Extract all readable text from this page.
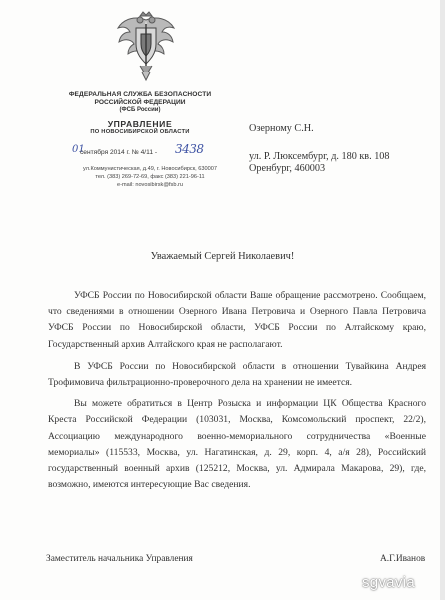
ФЕДЕРАЛЬНАЯ СЛУЖБА БЕЗОПАСНОСТИ
РОССИЙСКОЙ ФЕДЕРАЦИИ
(ФСБ России)
УПРАВЛЕНИЕ
ПО НОВОСИБИРСКОЙ ОБЛАСТИ
01
сентября 2014 г. № 4/11 -	3438
ул.Коммунистическая, д.49, г. Новосибирск, 630007
тел. (383) 269-72-69, факс (383) 221-96-11
e-mail: novosibirsk@fsb.ru
Озерному С.Н.
ул. Р. Люксембург, д. 180 кв. 108
Оренбург, 460003
Уважаемый Сергей Николаевич!

УФСБ России по Новосибирской области Ваше обращение рассмотрено. Сообщаем, что сведениями в отношении Озерного Ивана Петровича и Озерного Павла Петровича УФСБ России по Новосибирской области, УФСБ России по Алтайскому краю, Государственный архив Алтайского края не располагают.

В УФСБ России по Новосибирской области в отношении Тувайкина Андрея Трофимовича фильтрационно-проверочного дела на хранении не имеется.

Вы можете обратиться в Центр Розыска и информации ЦК Общества Красного Креста Российской Федерации (103031, Москва, Комсомольский проспект, 22/2), Ассоциацию международного военно-мемориального сотрудничества «Военные мемориалы» (115533, Москва, ул. Нагатинская, д. 29, корп. 4, а/я 28), Российский государственный военный архив (125212, Москва, ул. Адмирала Макарова, 29), где, возможно, имеются интересующие Вас сведения.

Заместитель начальника Управления	А.Г.Иванов
sgvavia
